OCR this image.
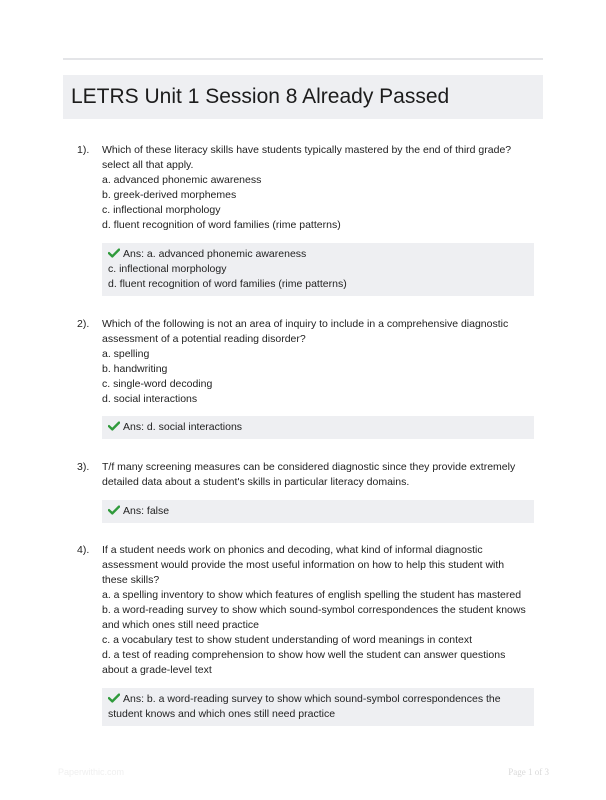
LETRS Unit 1 Session 8 Already Passed
1). Which of these literacy skills have students typically mastered by the end of third grade?
select all that apply.
a. advanced phonemic awareness
b. greek-derived morphemes
c. inflectional morphology
d. fluent recognition of word families (rime patterns)
Ans: a. advanced phonemic awareness
c. inflectional morphology
d. fluent recognition of word families (rime patterns)
2). Which of the following is not an area of inquiry to include in a comprehensive diagnostic
assessment of a potential reading disorder?
a. spelling
b. handwriting
c. single-word decoding
d. social interactions
Ans: d. social interactions
3). T/f many screening measures can be considered diagnostic since they provide extremely
detailed data about a student's skills in particular literacy domains.
Ans: false
4). If a student needs work on phonics and decoding, what kind of informal diagnostic
assessment would provide the most useful information on how to help this student with
these skills?
a. a spelling inventory to show which features of english spelling the student has mastered
b. a word-reading survey to show which sound-symbol correspondences the student knows
and which ones still need practice
c. a vocabulary test to show student understanding of word meanings in context
d. a test of reading comprehension to show how well the student can answer questions
about a grade-level text
Ans: b. a word-reading survey to show which sound-symbol correspondences the
student knows and which ones still need practice
Paperwithic.com	Page 1 of 3
